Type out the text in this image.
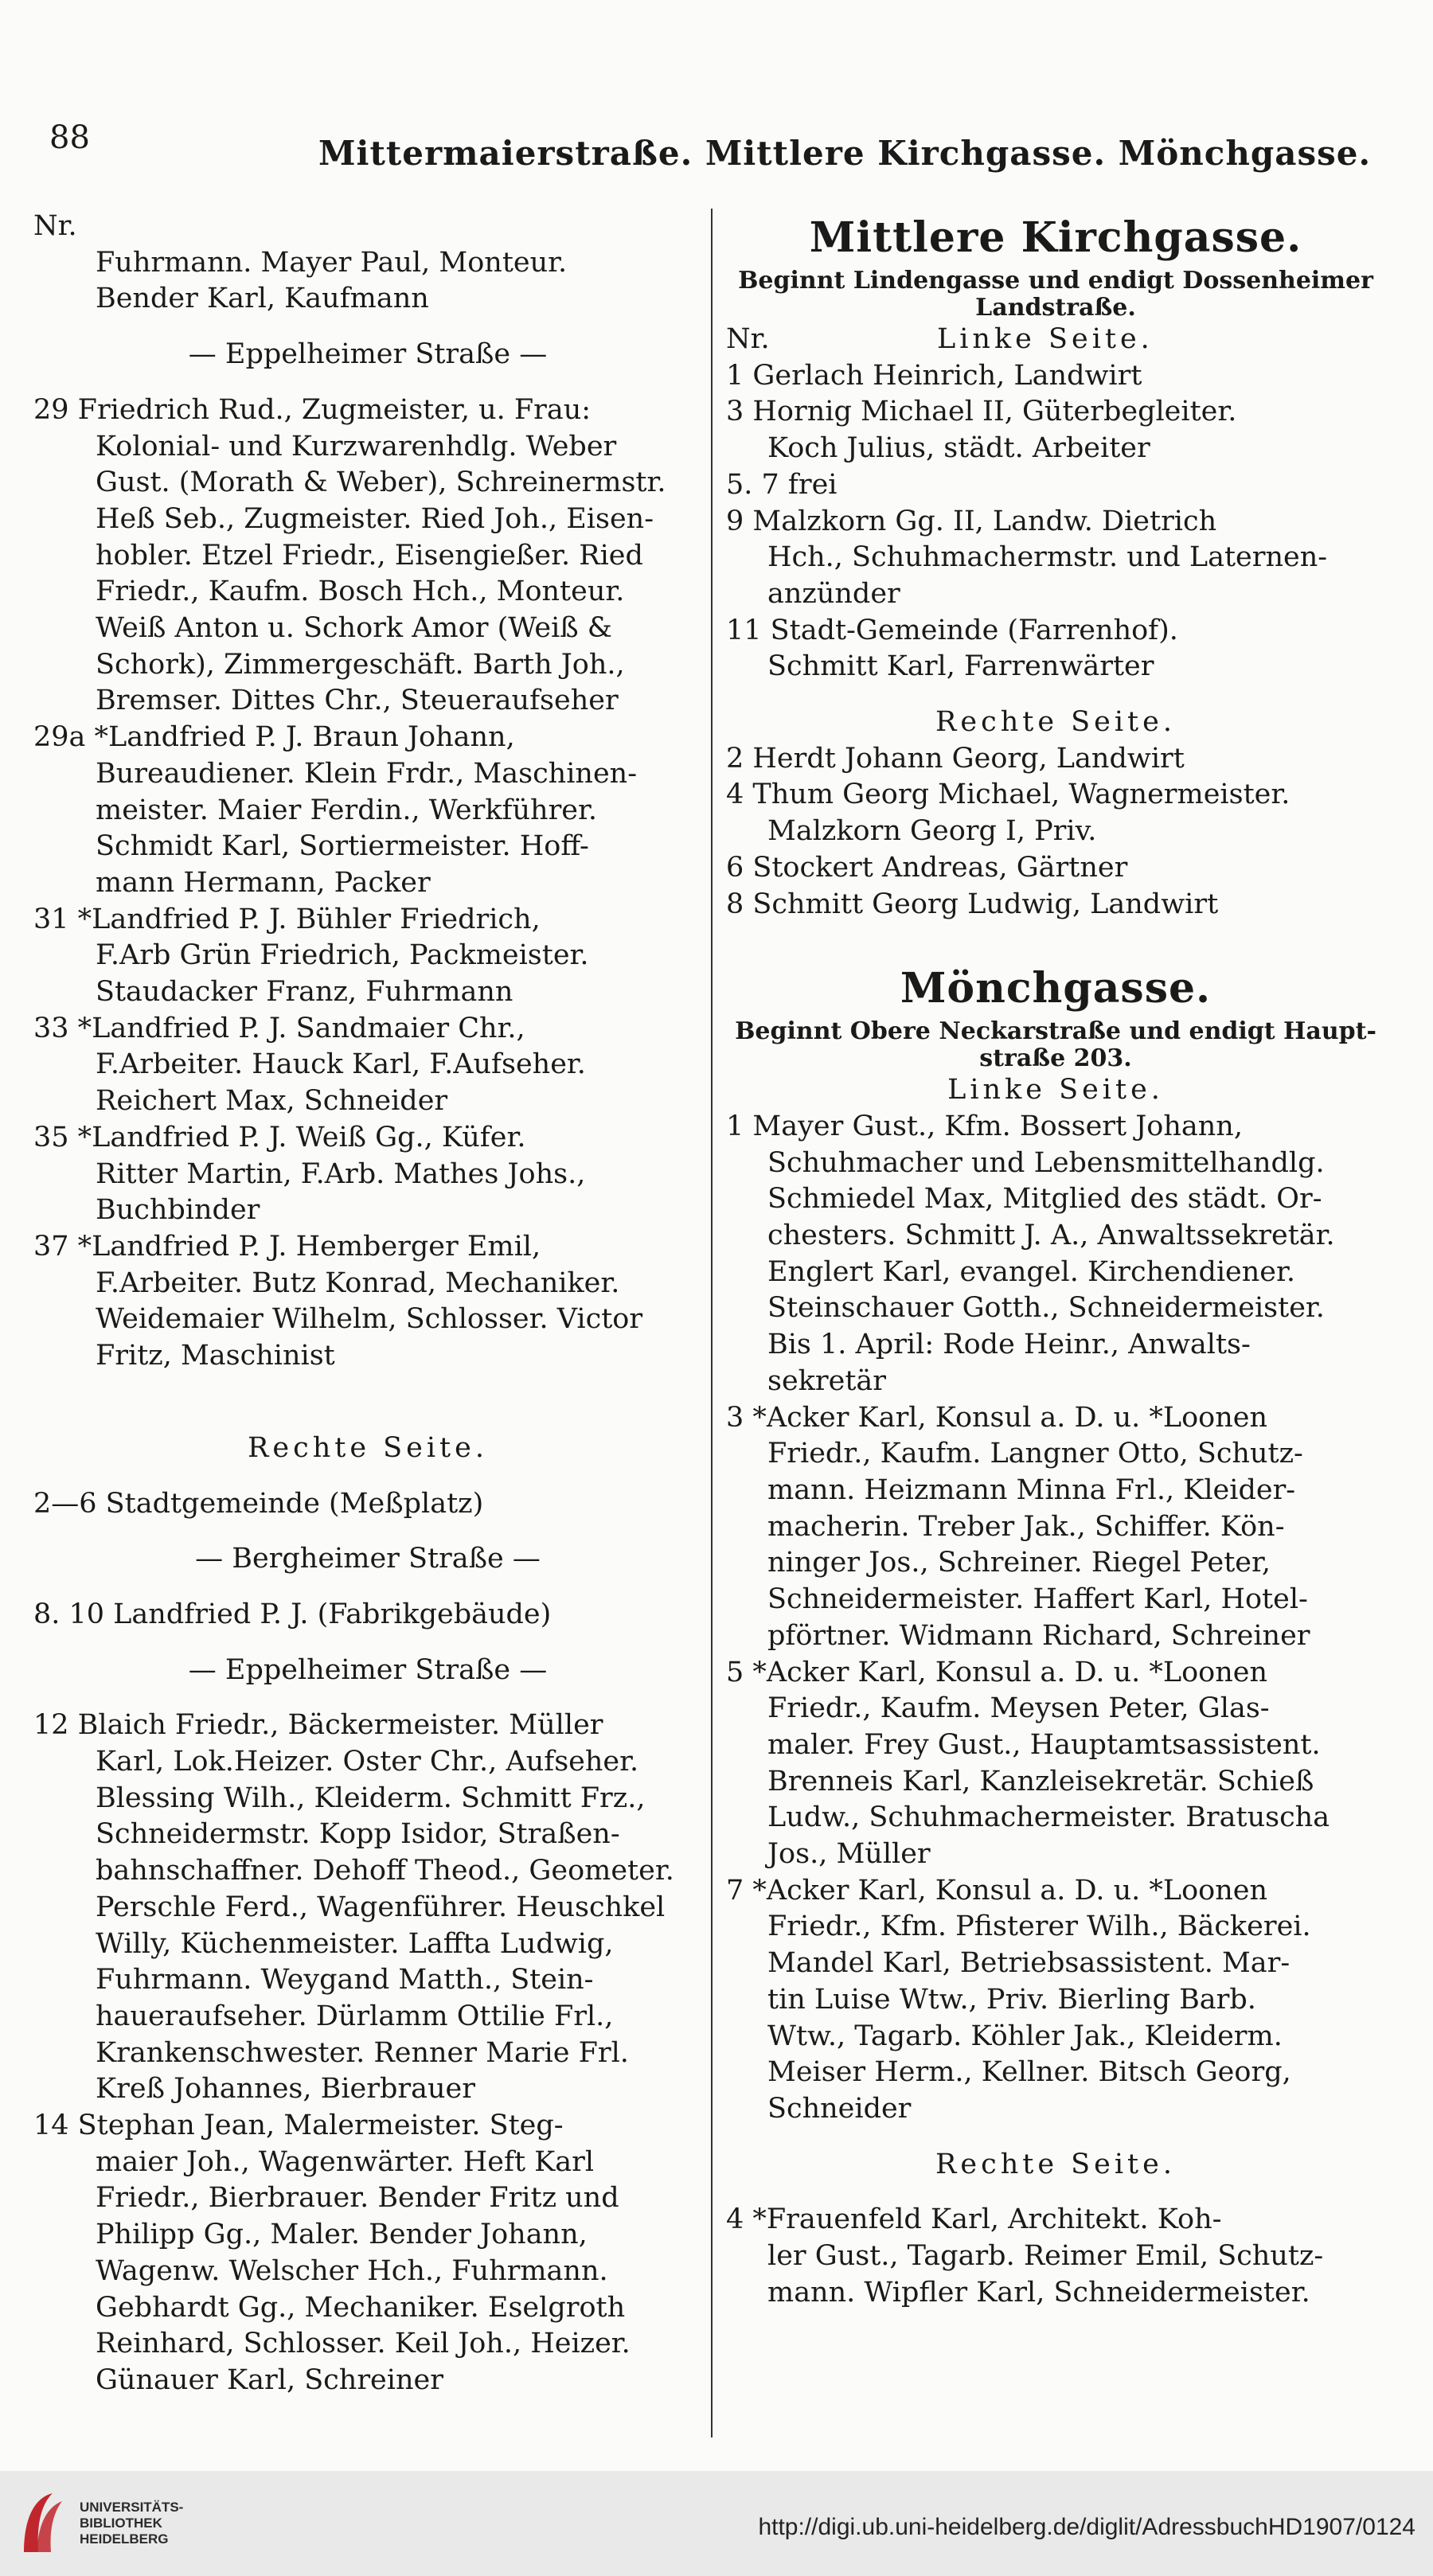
88	Mittermaierstraße. Mittlere Kirchgasse. Mönchgasse.
Nr.
Fuhrmann. Mayer Paul, Monteur.
Bender Karl, Kaufmann
— Eppelheimer Straße —
29 Friedrich Rud., Zugmeister, u. Frau:
Kolonial- und Kurzwarenhdlg. Weber
Gust. (Morath & Weber), Schreinermstr.
Heß Seb., Zugmeister. Ried Joh., Eisen-
hobler. Etzel Friedr., Eisengießer. Ried
Friedr., Kaufm. Bosch Hch., Monteur.
Weiß Anton u. Schork Amor (Weiß &
Schork), Zimmergeschäft. Barth Joh.,
Bremser. Dittes Chr., Steueraufseher
29a *Landfried P. J. Braun Johann,
Bureaudiener. Klein Frdr., Maschinen-
meister. Maier Ferdin., Werkführer.
Schmidt Karl, Sortiermeister. Hoff-
mann Hermann, Packer
31 *Landfried P. J. Bühler Friedrich,
F.Arb Grün Friedrich, Packmeister.
Staudacker Franz, Fuhrmann
33 *Landfried P. J. Sandmaier Chr.,
F.Arbeiter. Hauck Karl, F.Aufseher.
Reichert Max, Schneider
35 *Landfried P. J. Weiß Gg., Küfer.
Ritter Martin, F.Arb. Mathes Johs.,
Buchbinder
37 *Landfried P. J. Hemberger Emil,
F.Arbeiter. Butz Konrad, Mechaniker.
Weidemaier Wilhelm, Schlosser. Victor
Fritz, Maschinist
Rechte Seite.
2—6 Stadtgemeinde (Meßplatz)
— Bergheimer Straße —
8. 10 Landfried P. J. (Fabrikgebäude)
— Eppelheimer Straße —
12 Blaich Friedr., Bäckermeister. Müller
Karl, Lok.Heizer. Oster Chr., Aufseher.
Blessing Wilh., Kleiderm. Schmitt Frz.,
Schneidermstr. Kopp Isidor, Straßen-
bahnschaffner. Dehoff Theod., Geometer.
Perschle Ferd., Wagenführer. Heuschkel
Willy, Küchenmeister. Laffta Ludwig,
Fuhrmann. Weygand Matth., Stein-
haueraufseher. Dürlamm Ottilie Frl.,
Krankenschwester. Renner Marie Frl.
Kreß Johannes, Bierbrauer
14 Stephan Jean, Malermeister. Steg-
maier Joh., Wagenwärter. Heft Karl
Friedr., Bierbrauer. Bender Fritz und
Philipp Gg., Maler. Bender Johann,
Wagenw. Welscher Hch., Fuhrmann.
Gebhardt Gg., Mechaniker. Eselgroth
Reinhard, Schlosser. Keil Joh., Heizer.
Günauer Karl, Schreiner
Mittlere Kirchgasse.
Beginnt Lindengasse und endigt Dossenheimer
Landstraße.
Nr.	Linke Seite.
1 Gerlach Heinrich, Landwirt
3 Hornig Michael II, Güterbegleiter.
Koch Julius, städt. Arbeiter
5. 7 frei
9 Malzkorn Gg. II, Landw. Dietrich
Hch., Schuhmachermstr. und Laternen-
anzünder
11 Stadt-Gemeinde (Farrenhof).
Schmitt Karl, Farrenwärter
Rechte Seite.
2 Herdt Johann Georg, Landwirt
4 Thum Georg Michael, Wagnermeister.
Malzkorn Georg I, Priv.
6 Stockert Andreas, Gärtner
8 Schmitt Georg Ludwig, Landwirt
Mönchgasse.
Beginnt Obere Neckarstraße und endigt Haupt-
straße 203.
Linke Seite.
1 Mayer Gust., Kfm. Bossert Johann,
Schuhmacher und Lebensmittelhandlg.
Schmiedel Max, Mitglied des städt. Or-
chesters. Schmitt J. A., Anwaltssekretär.
Englert Karl, evangel. Kirchendiener.
Steinschauer Gotth., Schneidermeister.
Bis 1. April: Rode Heinr., Anwalts-
sekretär
3 *Acker Karl, Konsul a. D. u. *Loonen
Friedr., Kaufm. Langner Otto, Schutz-
mann. Heizmann Minna Frl., Kleider-
macherin. Treber Jak., Schiffer. Kön-
ninger Jos., Schreiner. Riegel Peter,
Schneidermeister. Haffert Karl, Hotel-
pförtner. Widmann Richard, Schreiner
5 *Acker Karl, Konsul a. D. u. *Loonen
Friedr., Kaufm. Meysen Peter, Glas-
maler. Frey Gust., Hauptamtsassistent.
Brenneis Karl, Kanzleisekretär. Schieß
Ludw., Schuhmachermeister. Bratuscha
Jos., Müller
7 *Acker Karl, Konsul a. D. u. *Loonen
Friedr., Kfm. Pfisterer Wilh., Bäckerei.
Mandel Karl, Betriebsassistent. Mar-
tin Luise Wtw., Priv. Bierling Barb.
Wtw., Tagarb. Köhler Jak., Kleiderm.
Meiser Herm., Kellner. Bitsch Georg,
Schneider
Rechte Seite.
4 *Frauenfeld Karl, Architekt. Koh-
ler Gust., Tagarb. Reimer Emil, Schutz-
mann. Wipfler Karl, Schneidermeister.
UNIVERSITÄTS-
BIBLIOTHEK
HEIDELBERG	http://digi.ub.uni-heidelberg.de/diglit/AdressbuchHD1907/0124
